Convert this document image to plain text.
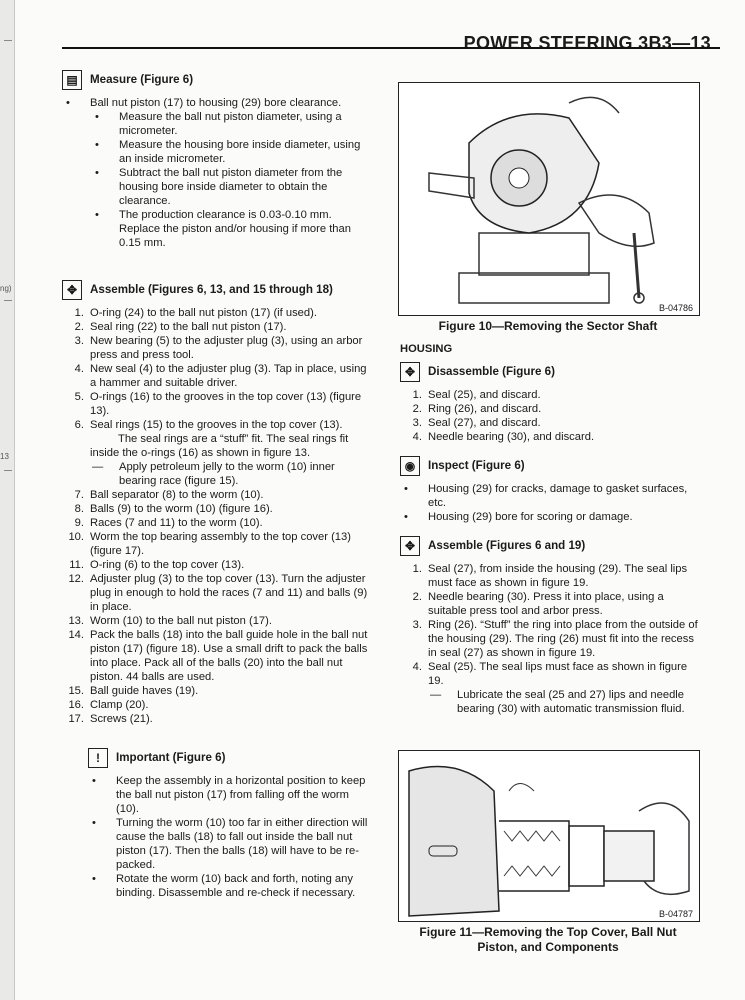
ng)
13
POWER STEERING 3B3—13
▤	Measure (Figure 6)
• Ball nut piston (17) to housing (29) bore clearance.
• Measure the ball nut piston diameter, using a micrometer.
• Measure the housing bore inside diameter, using an inside micrometer.
• Subtract the ball nut piston diameter from the housing bore inside diameter to obtain the clearance.
• The production clearance is 0.03-0.10 mm. Replace the piston and/or housing if more than 0.15 mm.
✥	Assemble (Figures 6, 13, and 15 through 18)
1. O-ring (24) to the ball nut piston (17) (if used).
2. Seal ring (22) to the ball nut piston (17).
3. New bearing (5) to the adjuster plug (3), using an arbor press and press tool.
4. New seal (4) to the adjuster plug (3). Tap in place, using a hammer and suitable driver.
5. O-rings (16) to the grooves in the top cover (13) (figure 13).
6. Seal rings (15) to the grooves in the top cover (13).
The seal rings are a “stuff” fit. The seal rings fit inside the o-rings (16) as shown in figure 13.
— Apply petroleum jelly to the worm (10) inner bearing race (figure 15).
7. Ball separator (8) to the worm (10).
8. Balls (9) to the worm (10) (figure 16).
9. Races (7 and 11) to the worm (10).
10. Worm the top bearing assembly to the top cover (13) (figure 17).
11. O-ring (6) to the top cover (13).
12. Adjuster plug (3) to the top cover (13). Turn the adjuster plug in enough to hold the races (7 and 11) and balls (9) in place.
13. Worm (10) to the ball nut piston (17).
14. Pack the balls (18) into the ball guide hole in the ball nut piston (17) (figure 18). Use a small drift to pack the balls into place. Pack all of the balls (20) into the ball nut piston. 44 balls are used.
15. Ball guide haves (19).
16. Clamp (20).
17. Screws (21).
!	Important (Figure 6)
• Keep the assembly in a horizontal position to keep the ball nut piston (17) from falling off the worm (10).
• Turning the worm (10) too far in either direction will cause the balls (18) to fall out inside the ball nut piston (17). Then the balls (18) will have to be re-packed.
• Rotate the worm (10) back and forth, noting any binding. Disassemble and re-check if necessary.
B-04786
Figure 10—Removing the Sector Shaft
HOUSING
✥	Disassemble (Figure 6)
1. Seal (25), and discard.
2. Ring (26), and discard.
3. Seal (27), and discard.
4. Needle bearing (30), and discard.
◉	Inspect (Figure 6)
• Housing (29) for cracks, damage to gasket surfaces, etc.
• Housing (29) bore for scoring or damage.
✥	Assemble (Figures 6 and 19)
1. Seal (27), from inside the housing (29). The seal lips must face as shown in figure 19.
2. Needle bearing (30). Press it into place, using a suitable press tool and arbor press.
3. Ring (26). “Stuff” the ring into place from the outside of the housing (29). The ring (26) must fit into the recess in seal (27) as shown in figure 19.
4. Seal (25). The seal lips must face as shown in figure 19.
— Lubricate the seal (25 and 27) lips and needle bearing (30) with automatic transmission fluid.
B-04787
Figure 11—Removing the Top Cover, Ball Nut Piston, and Components
